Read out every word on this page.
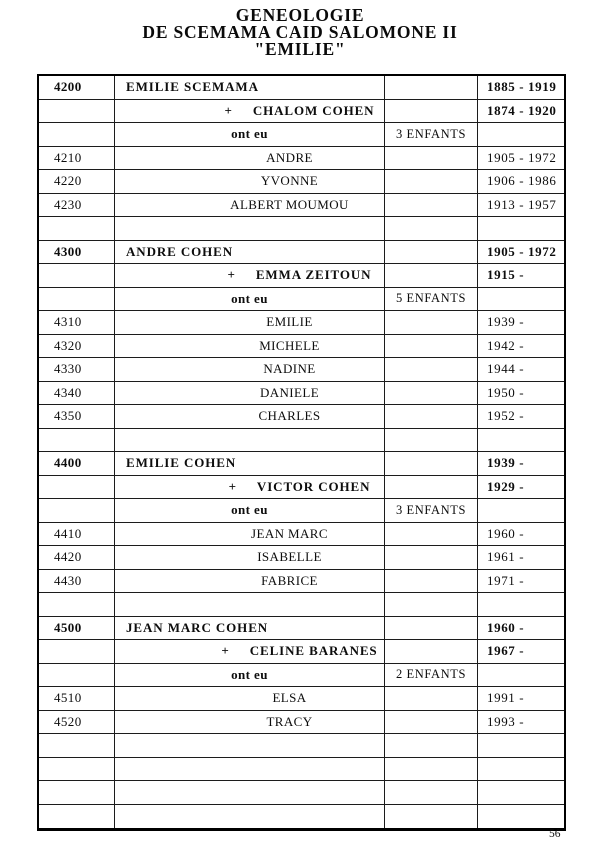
GENEOLOGIE
DE SCEMAMA CAID SALOMONE II
"EMILIE"
4200	EMILIE SCEMAMA	1885 - 1919
+ CHALOM COHEN	1874 - 1920
ont eu	3 ENFANTS
4210	ANDRE	1905 - 1972
4220	YVONNE	1906 - 1986
4230	ALBERT MOUMOU	1913 - 1957
4300	ANDRE COHEN	1905 - 1972
+ EMMA ZEITOUN	1915 -
ont eu	5 ENFANTS
4310	EMILIE	1939 -
4320	MICHELE	1942 -
4330	NADINE	1944 -
4340	DANIELE	1950 -
4350	CHARLES	1952 -
4400	EMILIE COHEN	1939 -
+ VICTOR COHEN	1929 -
ont eu	3 ENFANTS
4410	JEAN MARC	1960 -
4420	ISABELLE	1961 -
4430	FABRICE	1971 -
4500	JEAN MARC COHEN	1960 -
+ CELINE BARANES	1967 -
ont eu	2 ENFANTS
4510	ELSA	1991 -
4520	TRACY	1993 -
56
